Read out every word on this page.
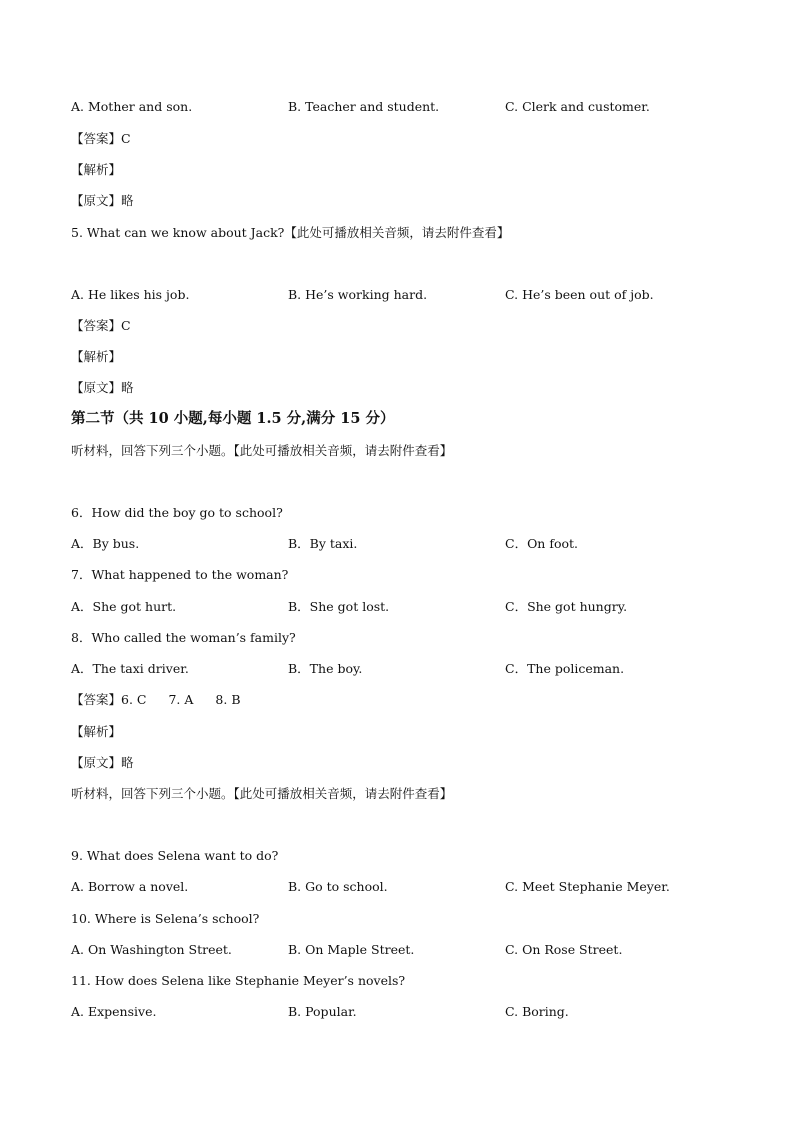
A. Mother and son.	B. Teacher and student.	C. Clerk and customer.
【答案】C
【解析】
【原文】略
5. What can we know about Jack?【此处可播放相关音频，请去附件查看】
A. He likes his job.	B. He’s working hard.	C. He’s been out of job.
【答案】C
【解析】
【原文】略
第二节（共 10 小题,每小题 1.5 分,满分 15 分）
听材料，回答下列三个小题。【此处可播放相关音频，请去附件查看】
6．How did the boy go to school?
A．By bus.	B．By taxi.	C．On foot.
7．What happened to the woman?
A．She got hurt.	B．She got lost.	C．She got hungry.
8．Who called the woman’s family?
A．The taxi driver.	B．The boy.	C．The policeman.
【答案】6. C 7. A 8. B
【解析】
【原文】略
听材料，回答下列三个小题。【此处可播放相关音频，请去附件查看】
9. What does Selena want to do?
A. Borrow a novel.	B. Go to school.	C. Meet Stephanie Meyer.
10. Where is Selena’s school?
A. On Washington Street.	B. On Maple Street.	C. On Rose Street.
11. How does Selena like Stephanie Meyer’s novels?
A. Expensive.	B. Popular.	C. Boring.
